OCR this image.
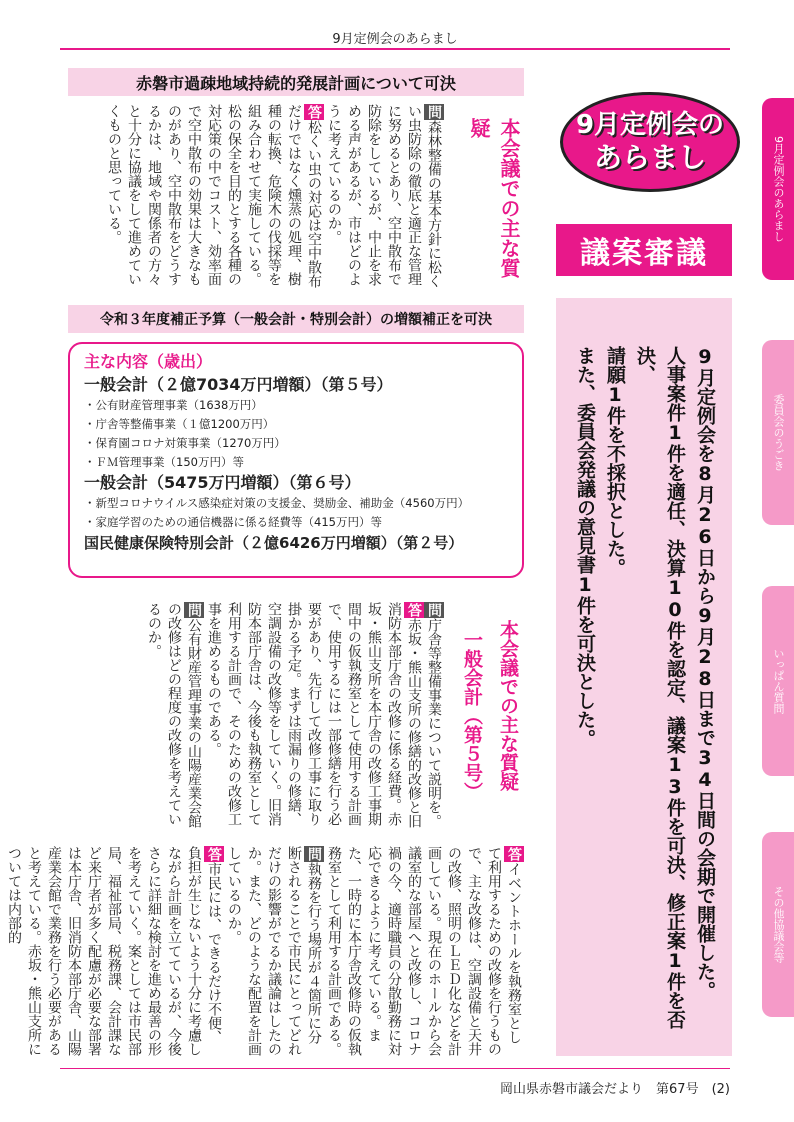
9月定例会のあらまし
9月定例会の
あらまし
議案審議
9月定例会を8月26日から9月28日まで34日間の会期で開催した。
人事案件1件を適任、決算10件を認定、議案13件を可決、修正案1件を否決、
請願1件を不採択とした。
また、委員会発議の意見書1件を可決とした。
9月定例会のあらまし
委員会のうごき
いっぱん質問
その他協議会等
赤磐市過疎地域持続的発展計画について可決

問森林整備の基本方針に松くい虫防除の徹底と適正な管理に努めるとあり、空中散布で防除をしているが、中止を求める声があるが、市はどのように考えているのか。

答松くい虫の対応は空中散布だけではなく燻蒸の処理、樹種の転換、危険木の伐採等を組み合わせて実施している。松の保全を目的とする各種の対応策の中でコスト、効率面で空中散布の効果は大きなものがあり、空中散布をどうするかは、地域や関係者の方々と十分に協議をして進めていくものと思っている。	本会議での主な質疑
令和３年度補正予算（一般会計・特別会計）の増額補正を可決
主な内容（歳出）
一般会計（２億7034万円増額）（第５号）
・公有財産管理事業（1638万円）
・庁舎等整備事業（１億1200万円）
・保育園コロナ対策事業（1270万円）
・ＦＭ管理事業（150万円）等
一般会計（5475万円増額）（第６号）
・新型コロナウイルス感染症対策の支援金、奨励金、補助金（4560万円）
・家庭学習のための通信機器に係る経費等（415万円）等
国民健康保険特別会計（２億6426万円増額）（第２号）
本会議での主な質疑
一般会計（第５号）

問庁舎等整備事業について説明を。

答赤坂・熊山支所の修繕的改修と旧消防本部庁舎の改修に係る経費。赤坂・熊山支所を本庁舎の改修工事期間中の仮執務室として使用する計画で、使用するには一部修繕を行う必要があり、先行して改修工事に取り掛かる予定。まずは雨漏りの修繕、空調設備の改修等をしていく。旧消防本部庁舎は、今後も執務室として利用する計画で、そのための改修工事を進めるものである。

問公有財産管理事業の山陽産業会館の改修はどの程度の改修を考えているのか。

答イベントホールを執務室として利用するための改修を行うもので、主な改修は、空調設備と天井の改修、照明のＬＥＤ化などを計画している。現在のホールから会議室的な部屋へと改修し、コロナ禍の今、適時職員の分散勤務に対応できるように考えている。また、一時的に本庁舎改修時の仮執務室として利用する計画である。

問執務を行う場所が４箇所に分断されることで市民にとってどれだけの影響がでるか議論はしたのか。また、どのような配置を計画しているのか。

答市民には、できるだけ不便、負担が生じないよう十分に考慮しながら計画を立てているが、今後さらに詳細な検討を進め最善の形を考えていく。案としては市民部局、福祉部局、税務課、会計課など来庁者が多く配慮が必要な部署は本庁舎、旧消防本部庁舎、山陽産業会館で業務を行う必要があると考えている。赤坂・熊山支所については内部的

岡山県赤磐市議会だより　第67号　(2)
